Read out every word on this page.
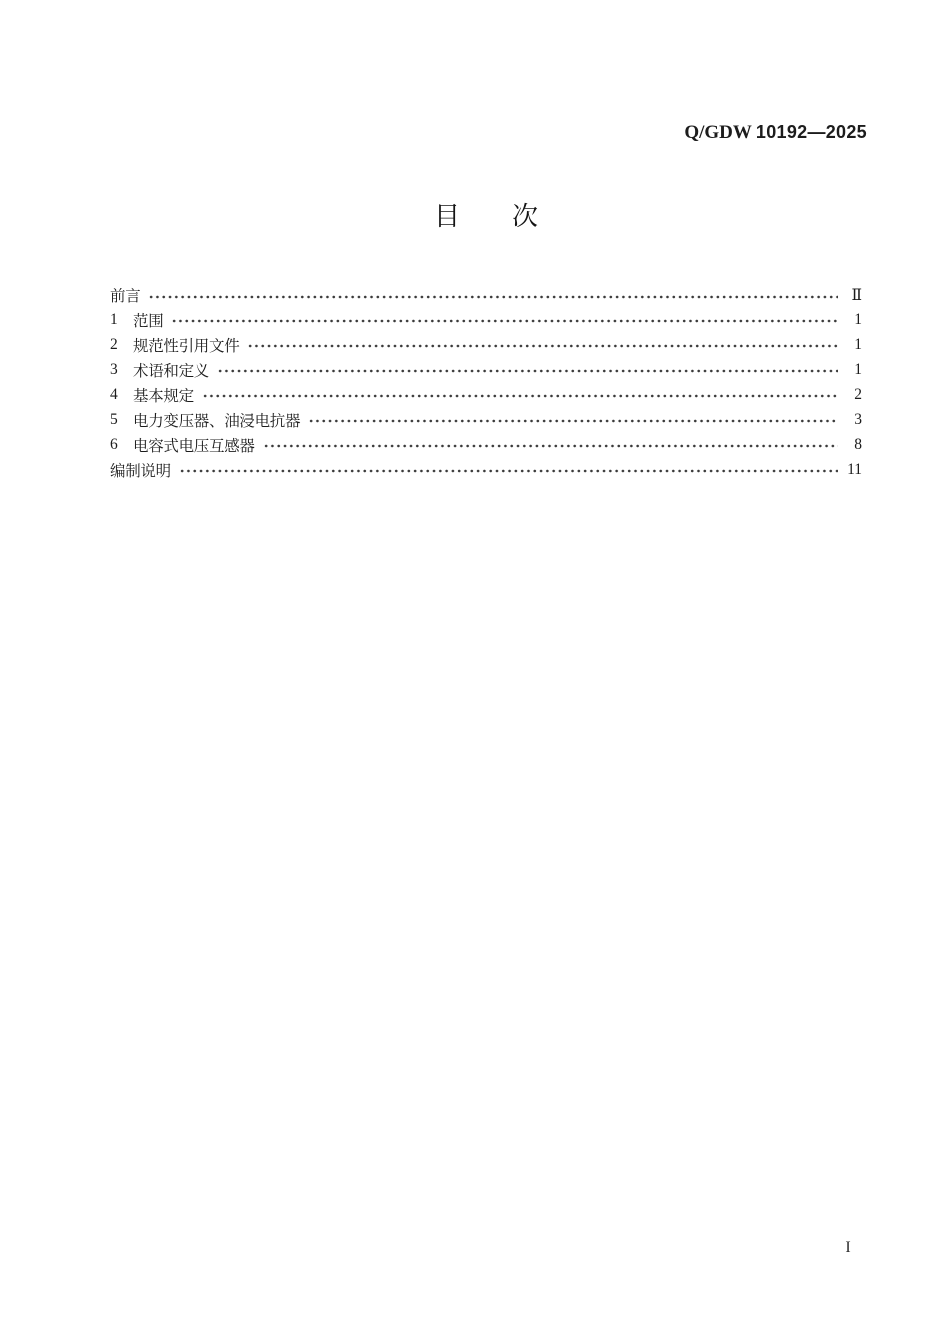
Q/GDW 10192—2025
目次
前言	Ⅱ
1 范围	1
2 规范性引用文件	1
3 术语和定义	1
4 基本规定	2
5 电力变压器、油浸电抗器	3
6 电容式电压互感器	8
编制说明	11
I
